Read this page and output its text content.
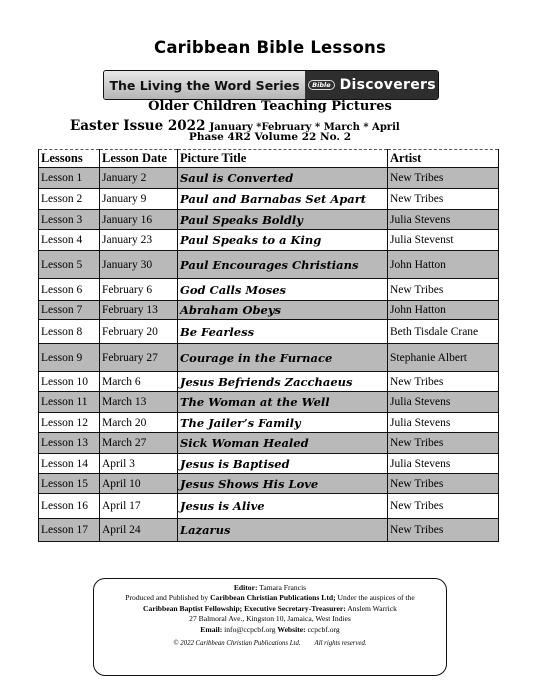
Caribbean Bible Lessons
The Living the Word Series	Bible Discoverers
Older Children Teaching Pictures
Easter Issue 2022 January *February * March * April
Phase 4R2 Volume 22 No. 2
Lessons	Lesson Date	Picture Title	Artist
Lesson 1	January 2	Saul is Converted	New Tribes
Lesson 2	January 9	Paul and Barnabas Set Apart	New Tribes
Lesson 3	January 16	Paul Speaks Boldly	Julia Stevens
Lesson 4	January 23	Paul Speaks to a King	Julia Stevenst
Lesson 5	January 30	Paul Encourages Christians	John Hatton
Lesson 6	February 6	God Calls Moses	New Tribes
Lesson 7	February 13	Abraham Obeys	John Hatton
Lesson 8	February 20	Be Fearless	Beth Tisdale Crane
Lesson 9	February 27	Courage in the Furnace	Stephanie Albert
Lesson 10	March 6	Jesus Befriends Zacchaeus	New Tribes
Lesson 11	March 13	The Woman at the Well	Julia Stevens
Lesson 12	March 20	The Jailer’s Family	Julia Stevens
Lesson 13	March 27	Sick Woman Healed	New Tribes
Lesson 14	April 3	Jesus is Baptised	Julia Stevens
Lesson 15	April 10	Jesus Shows His Love	New Tribes
Lesson 16	April 17	Jesus is Alive	New Tribes
Lesson 17	April 24	Lazarus	New Tribes
Editor: Tamara Francis
Produced and Published by Caribbean Christian Publications Ltd; Under the auspices of the
Caribbean Baptist Fellowship; Executive Secretary-Treasurer: Anslem Warrick
27 Balmoral Ave., Kingston 10, Jamaica, West Indies
Email: info@ccpcbf.org Website: ccpcbf.org
© 2022 Caribbean Christian Publications Ltd. All rights reserved.
